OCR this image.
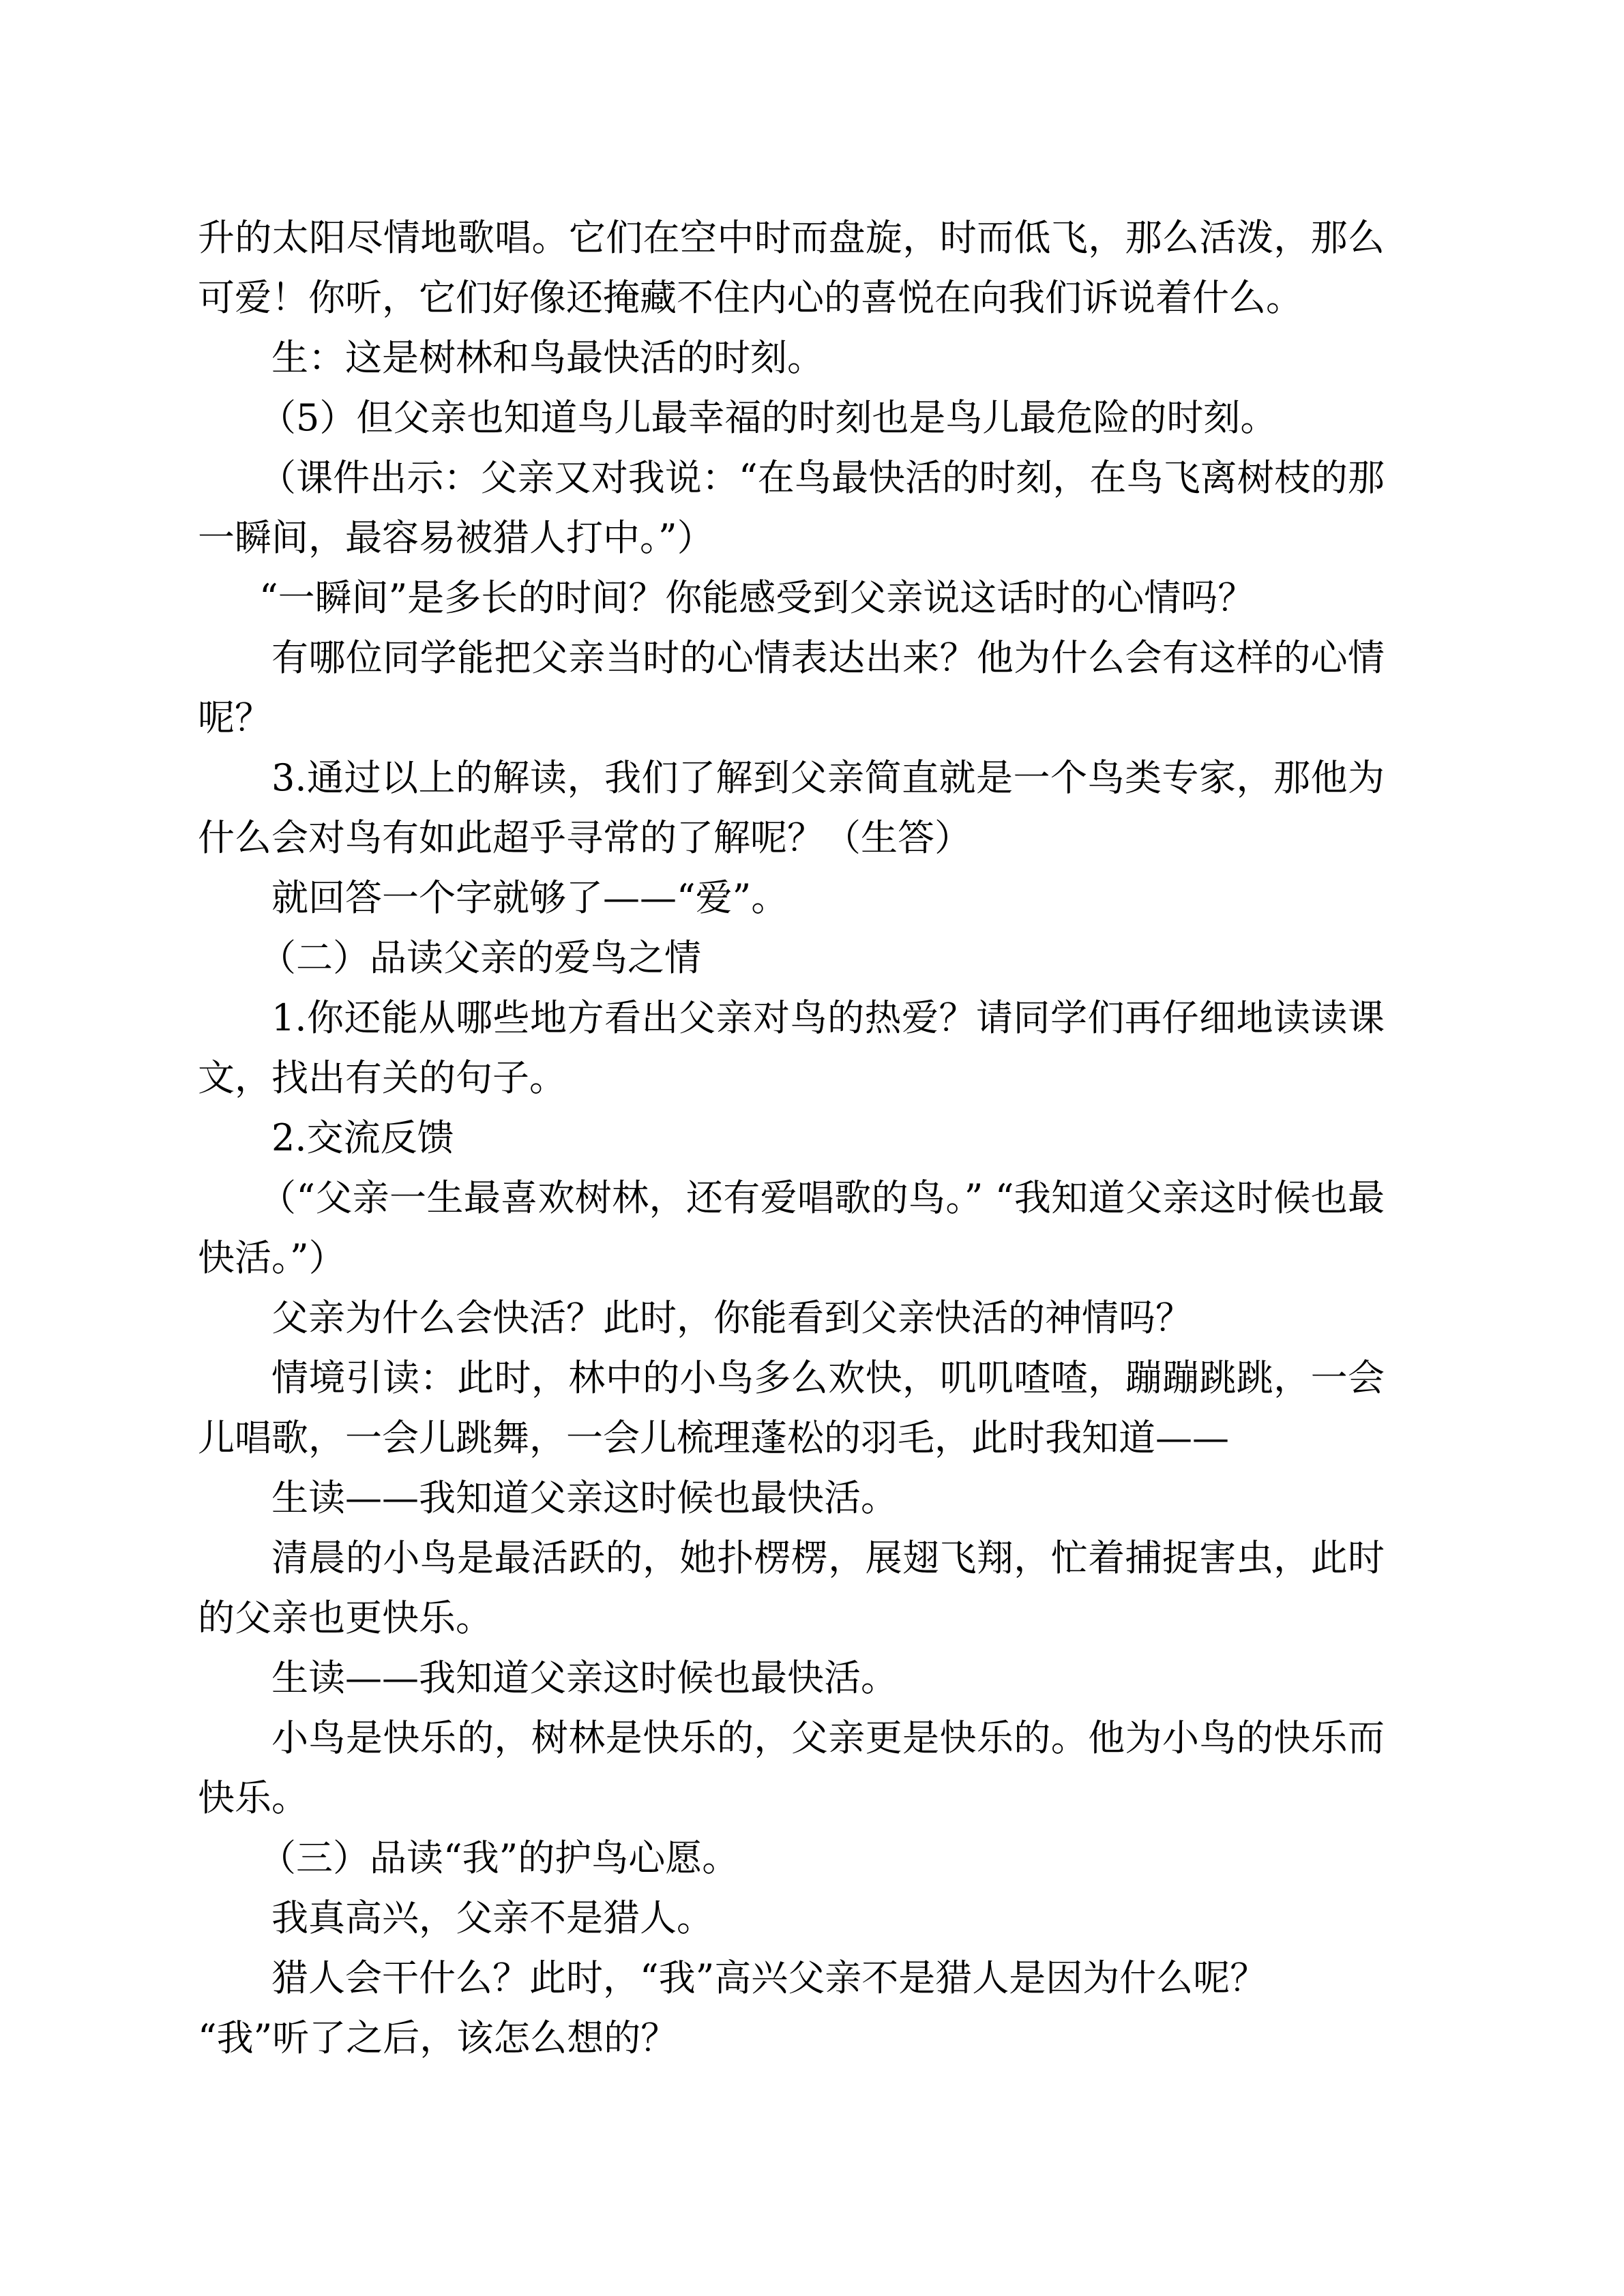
升的太阳尽情地歌唱。它们在空中时而盘旋，时而低飞，那么活泼，那么可爱！你听，它们好像还掩藏不住内心的喜悦在向我们诉说着什么。

生：这是树林和鸟最快活的时刻。

（5）但父亲也知道鸟儿最幸福的时刻也是鸟儿最危险的时刻。

（课件出示：父亲又对我说：“在鸟最快活的时刻，在鸟飞离树枝的那一瞬间，最容易被猎人打中。”）

“一瞬间”是多长的时间？你能感受到父亲说这话时的心情吗？

有哪位同学能把父亲当时的心情表达出来？他为什么会有这样的心情呢？

3.通过以上的解读，我们了解到父亲简直就是一个鸟类专家，那他为什么会对鸟有如此超乎寻常的了解呢？（生答）

就回答一个字就够了——“爱”。

（二）品读父亲的爱鸟之情

1.你还能从哪些地方看出父亲对鸟的热爱？请同学们再仔细地读读课文，找出有关的句子。

2.交流反馈

（“父亲一生最喜欢树林，还有爱唱歌的鸟。” “我知道父亲这时候也最快活。”）

父亲为什么会快活？此时，你能看到父亲快活的神情吗？

情境引读：此时，林中的小鸟多么欢快，叽叽喳喳，蹦蹦跳跳，一会儿唱歌，一会儿跳舞，一会儿梳理蓬松的羽毛，此时我知道——

生读——我知道父亲这时候也最快活。

清晨的小鸟是最活跃的，她扑楞楞，展翅飞翔，忙着捕捉害虫，此时的父亲也更快乐。

生读——我知道父亲这时候也最快活。

小鸟是快乐的，树林是快乐的，父亲更是快乐的。他为小鸟的快乐而快乐。

（三）品读“我”的护鸟心愿。

我真高兴，父亲不是猎人。

猎人会干什么？此时，“我”高兴父亲不是猎人是因为什么呢？

“我”听了之后，该怎么想的？
